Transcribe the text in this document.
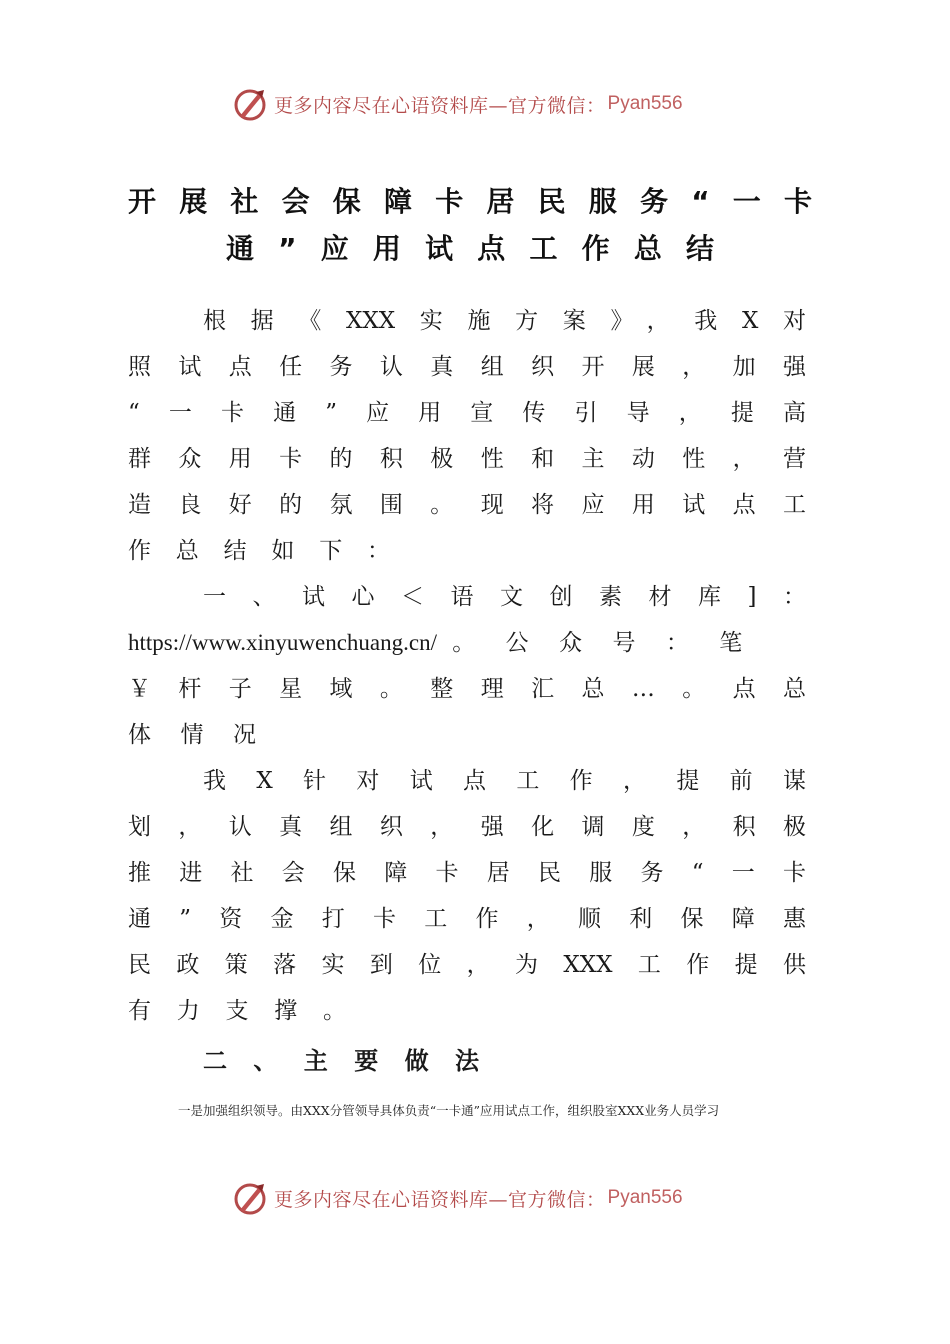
更多内容尽在心语资料库—官方微信： Pyan556
开展社会保障卡居民服务“一卡
通”应用试点工作总结
根据《XXX实施方案》，我X对
照试点任务认真组织开展，加强
“一卡通”应用宣传引导，提高
群众用卡的积极性和主动性，营
造良好的氛围。现将应用试点工
作总结如下：
一、试心＜语文创素材库]：
https://www.xinyuwenchuang.cn/ 。公众号：笔
￥杆子星域。整理汇总…。点总
体情况
我X针对试点工作，提前谋
划，认真组织，强化调度，积极
推进社会保障卡居民服务“一卡
通”资金打卡工作，顺利保障惠
民政策落实到位，为XXX工作提供
有力支撑。
二、主要做法
一是加强组织领导。由XXX分管领导具体负责“一卡通”应用试点工作，组织股室XXX业务人员学习
更多内容尽在心语资料库—官方微信： Pyan556
